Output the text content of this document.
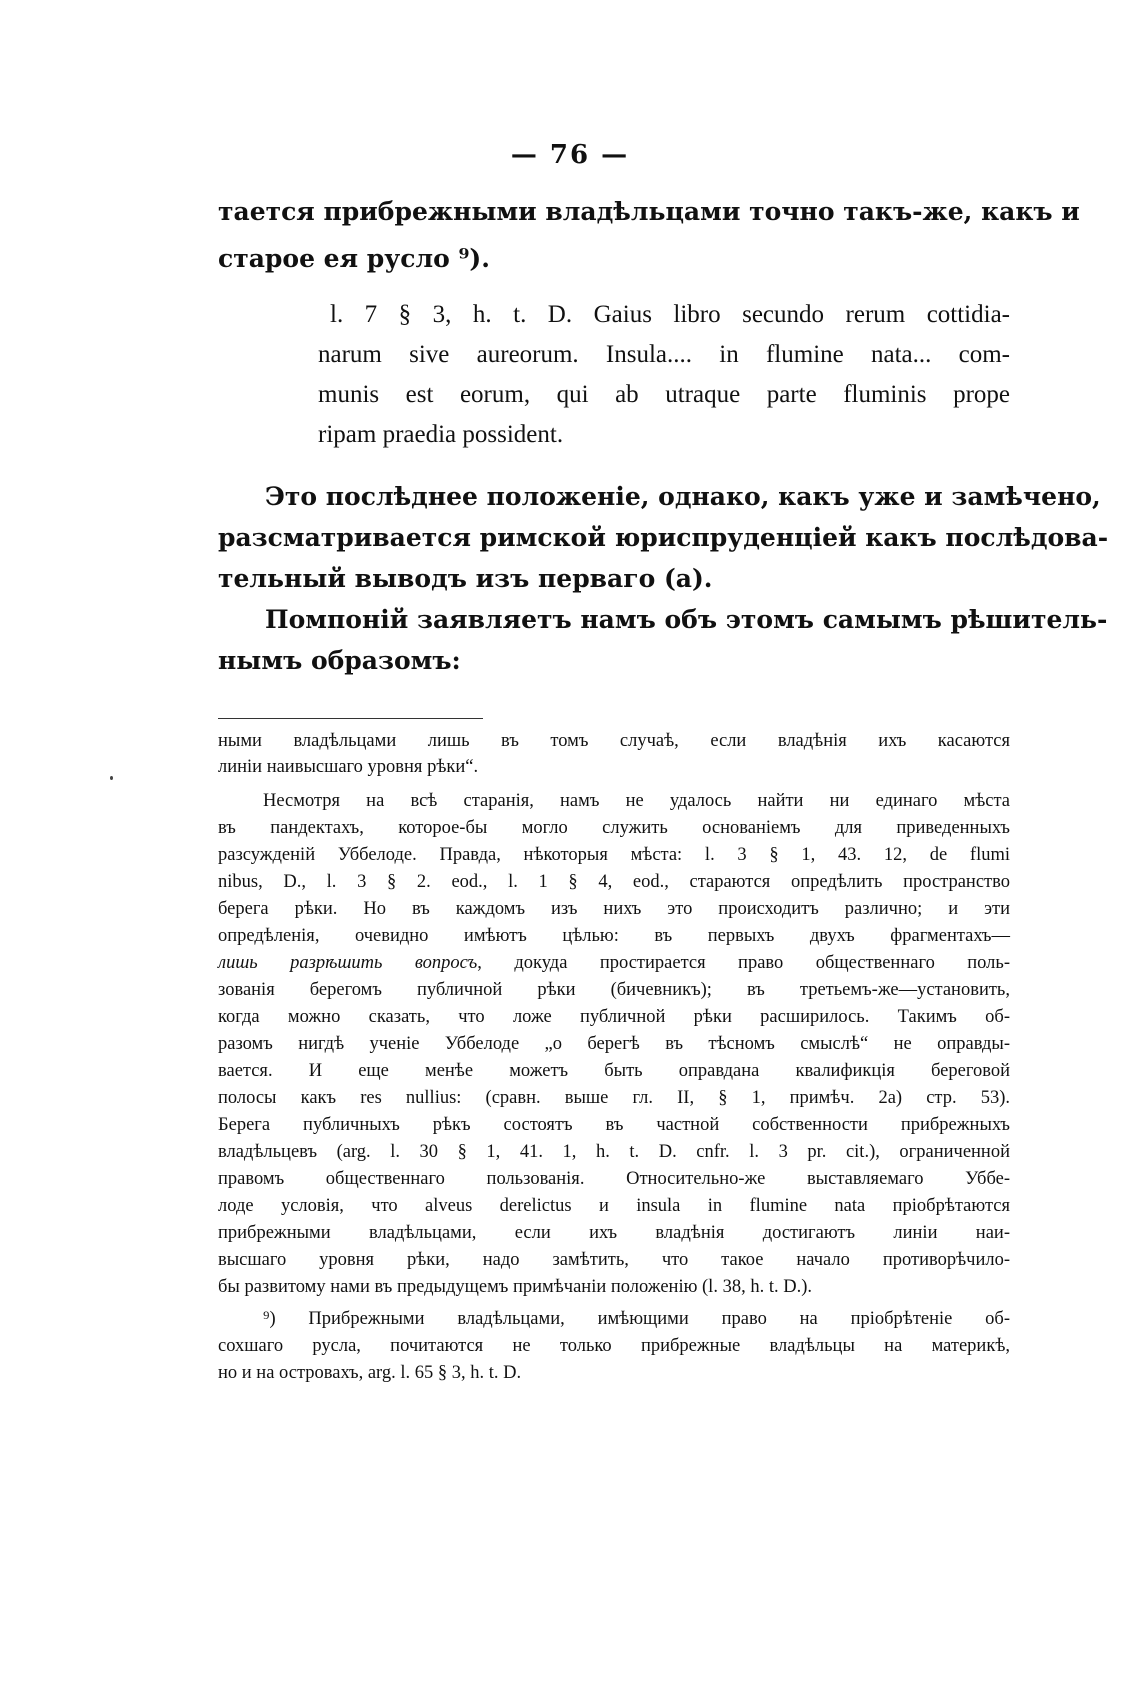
— 76 —
тается прибрежными владѣльцами точно такъ-же, какъ и
старое ея русло ⁹).
l. 7 § 3, h. t. D. Gaius libro secundo rerum cottidia-
narum sive aureorum. Insula.... in flumine nata... com-
munis est eorum, qui ab utraque parte fluminis prope
ripam praedia possident.
Это послѣднее положеніе, однако, какъ уже и замѣчено,
разсматривается римской юриспруденціей какъ послѣдова-
тельный выводъ изъ перваго (а).
Помпоній заявляетъ намъ объ этомъ самымъ рѣшитель-
нымъ образомъ:
ными владѣльцами лишь въ томъ случаѣ, если владѣнія ихъ касаются
линіи наивысшаго уровня рѣки“.
Несмотря на всѣ старанія, намъ не удалось найти ни единаго мѣста
въ пандектахъ, которое-бы могло служить основаніемъ для приведенныхъ
разсужденій Уббелоде. Правда, нѣкоторыя мѣста: l. 3 § 1, 43. 12, de flumi
nibus, D., l. 3 § 2. eod., l. 1 § 4, eod., стараются опредѣлить пространство
берега рѣки. Но въ каждомъ изъ нихъ это происходитъ различно; и эти
опредѣленія, очевидно имѣютъ цѣлью: въ первыхъ двухъ фрагментахъ—
лишь разрѣшить вопросъ, докуда простирается право общественнаго поль-
зованія берегомъ публичной рѣки (бичевникъ); въ третьемъ-же—установить,
когда можно сказать, что ложе публичной рѣки расширилось. Такимъ об-
разомъ нигдѣ ученіе Уббелоде „о берегѣ въ тѣсномъ смыслѣ“ не оправды-
вается. И еще менѣе можетъ быть оправдана квалификція береговой
полосы какъ res nullius: (сравн. выше гл. II, § 1, примѣч. 2а) стр. 53).
Берега публичныхъ рѣкъ состоятъ въ частной собственности прибрежныхъ
владѣльцевъ (arg. l. 30 § 1, 41. 1, h. t. D. cnfr. l. 3 pr. cit.), ограниченной
правомъ общественнаго пользованія. Относительно-же выставляемаго Уббе-
лоде условія, что alveus derelictus и insula in flumine nata пріобрѣтаются
прибрежными владѣльцами, если ихъ владѣнія достигаютъ линіи наи-
высшаго уровня рѣки, надо замѣтить, что такое начало противорѣчило-
бы развитому нами въ предыдущемъ примѣчаніи положенію (l. 38, h. t. D.).
⁹) Прибрежными владѣльцами, имѣющими право на пріобрѣтеніе об-
сохшаго русла, почитаются не только прибрежные владѣльцы на материкѣ,
но и на островахъ, arg. l. 65 § 3, h. t. D.
